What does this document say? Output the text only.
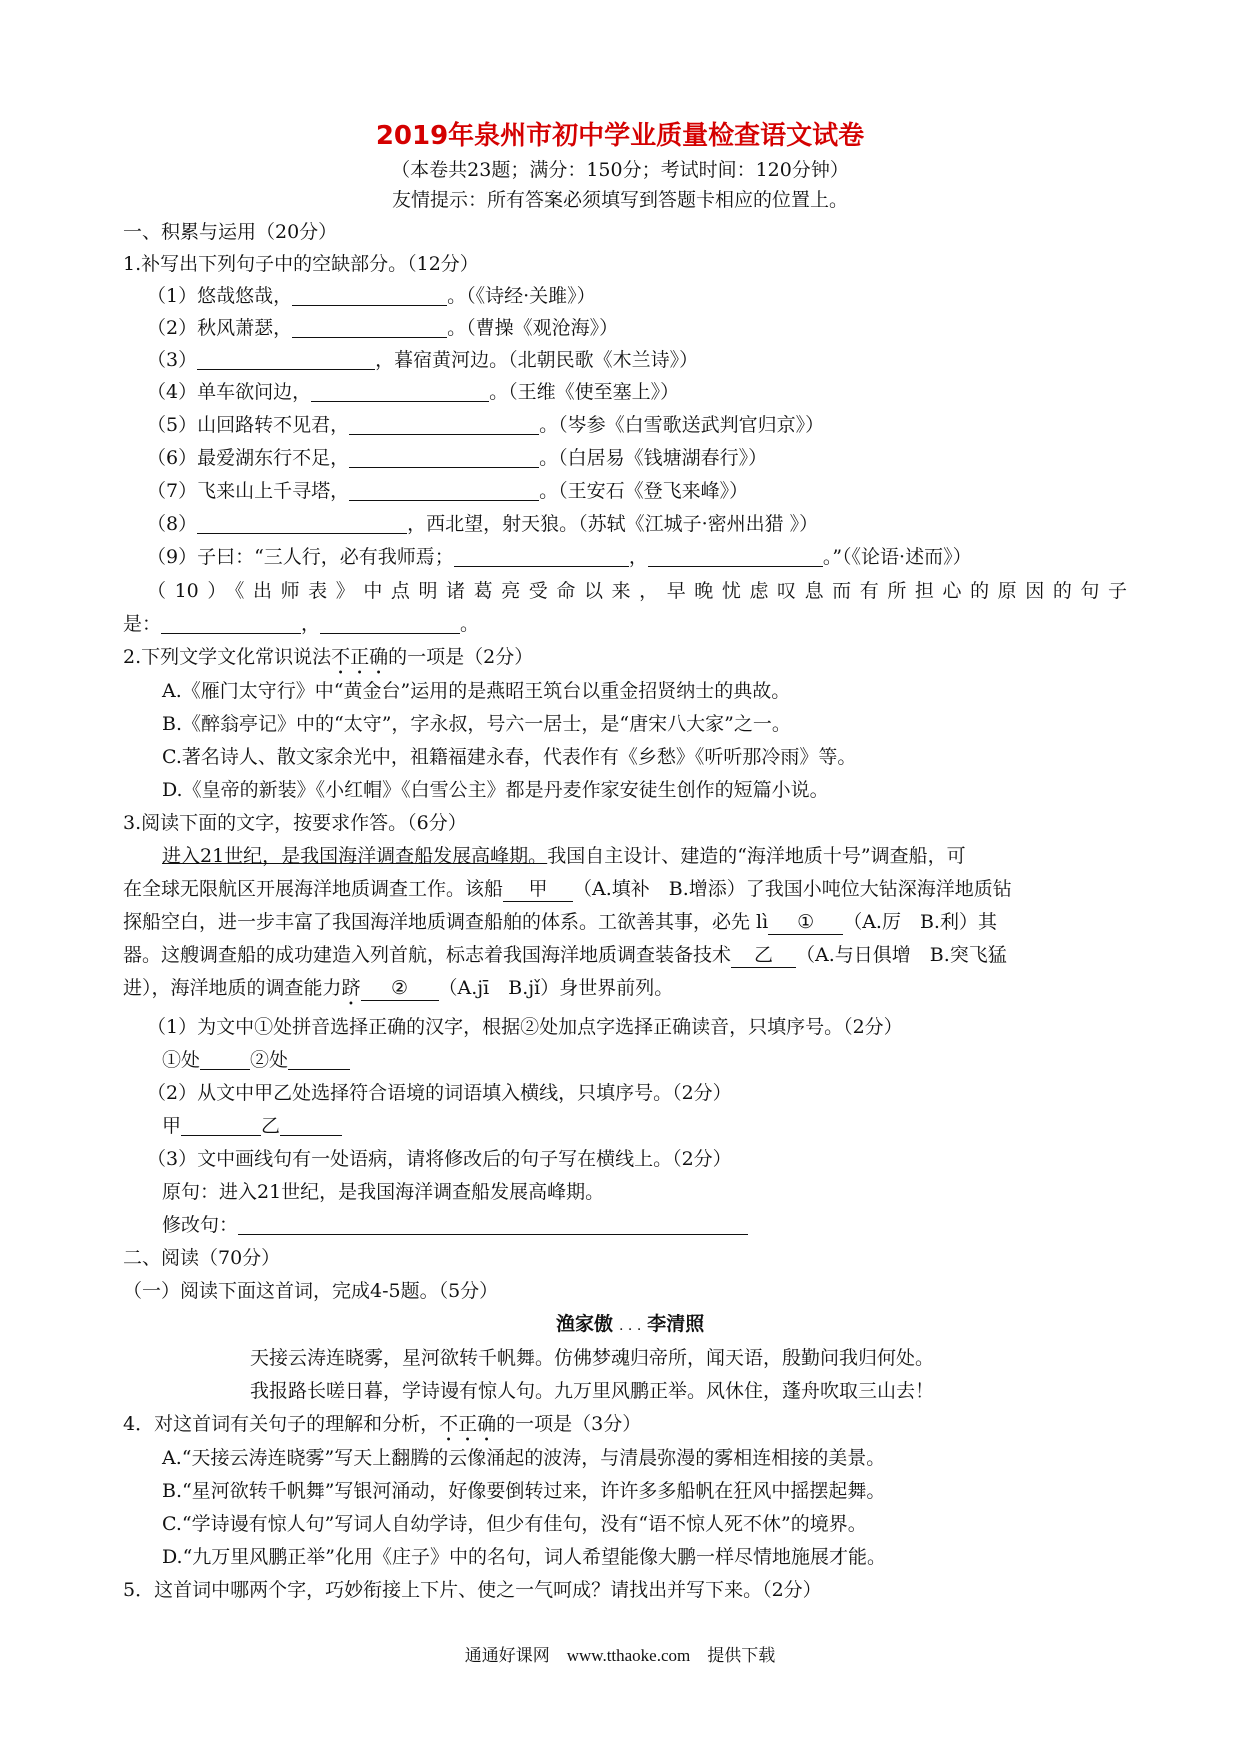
2019年泉州市初中学业质量检查语文试卷
（本卷共23题；满分：150分；考试时间：120分钟）
友情提示：所有答案必须填写到答题卡相应的位置上。
一、积累与运用（20分）
1.补写出下列句子中的空缺部分。（12分）
（1）悠哉悠哉，	。（《诗经·关雎》）
（2）秋风萧瑟，	。（曹操《观沧海》）
（3）	，暮宿黄河边。（北朝民歌《木兰诗》）
（4）单车欲问边，	。（王维《使至塞上》）
（5）山回路转不见君，	。（岑参《白雪歌送武判官归京》）
（6）最爱湖东行不足，	。（白居易《钱塘湖春行》）
（7）飞来山上千寻塔，	。（王安石《登飞来峰》）
（8）	，西北望，射天狼。（苏轼《江城子·密州出猎 》）
（9）子曰：“三人行，必有我师焉；	，	。”（《论语·述而》）
（10）《出师表》中点明诸葛亮受命以来，早晚忧虑叹息而有所担心的原因的句子
是：	，	。
2.下列文学文化常识说法不正确的一项是（2分）
A.《雁门太守行》中“黄金台”运用的是燕昭王筑台以重金招贤纳士的典故。
B.《醉翁亭记》中的“太守”，字永叔，号六一居士，是“唐宋八大家”之一。
C.著名诗人、散文家余光中，祖籍福建永春，代表作有《乡愁》《听听那冷雨》等。
D.《皇帝的新装》《小红帽》《白雪公主》都是丹麦作家安徒生创作的短篇小说。
3.阅读下面的文字，按要求作答。（6分）
进入21世纪，是我国海洋调查船发展高峰期。我国自主设计、建造的“海洋地质十号”调查船，可
在全球无限航区开展海洋地质调查工作。该船 甲 （A.填补　B.增添）了我国小吨位大钻深海洋地质钻
探船空白，进一步丰富了我国海洋地质调查船舶的体系。工欲善其事，必先 lì ① （A.厉　B.利）其
器。这艘调查船的成功建造入列首航，标志着我国海洋地质调查装备技术 乙 （A.与日俱增　B.突飞猛
进），海洋地质的调查能力跻 ② （A.jī　B.jǐ）身世界前列。
（1）为文中①处拼音选择正确的汉字，根据②处加点字选择正确读音，只填序号。（2分）
①处	②处
（2）从文中甲乙处选择符合语境的词语填入横线，只填序号。（2分）
甲	乙
（3）文中画线句有一处语病，请将修改后的句子写在横线上。（2分）
原句：进入21世纪，是我国海洋调查船发展高峰期。
修改句：
二、阅读（70分）
（一）阅读下面这首词，完成4-5题。（5分）
渔家傲 . . . 李清照
天接云涛连晓雾，星河欲转千帆舞。仿佛梦魂归帝所，闻天语，殷勤问我归何处。
我报路长嗟日暮，学诗谩有惊人句。九万里风鹏正举。风休住，蓬舟吹取三山去！
4．对这首词有关句子的理解和分析，不正确的一项是（3分）
A.“天接云涛连晓雾”写天上翻腾的云像涌起的波涛，与清晨弥漫的雾相连相接的美景。
B.“星河欲转千帆舞”写银河涌动，好像要倒转过来，许许多多船帆在狂风中摇摆起舞。
C.“学诗谩有惊人句”写词人自幼学诗，但少有佳句，没有“语不惊人死不休”的境界。
D.“九万里风鹏正举”化用《庄子》中的名句，词人希望能像大鹏一样尽情地施展才能。
5．这首词中哪两个字，巧妙衔接上下片、使之一气呵成？请找出并写下来。（2分）
通通好课网　www.tthaoke.com　提供下载
